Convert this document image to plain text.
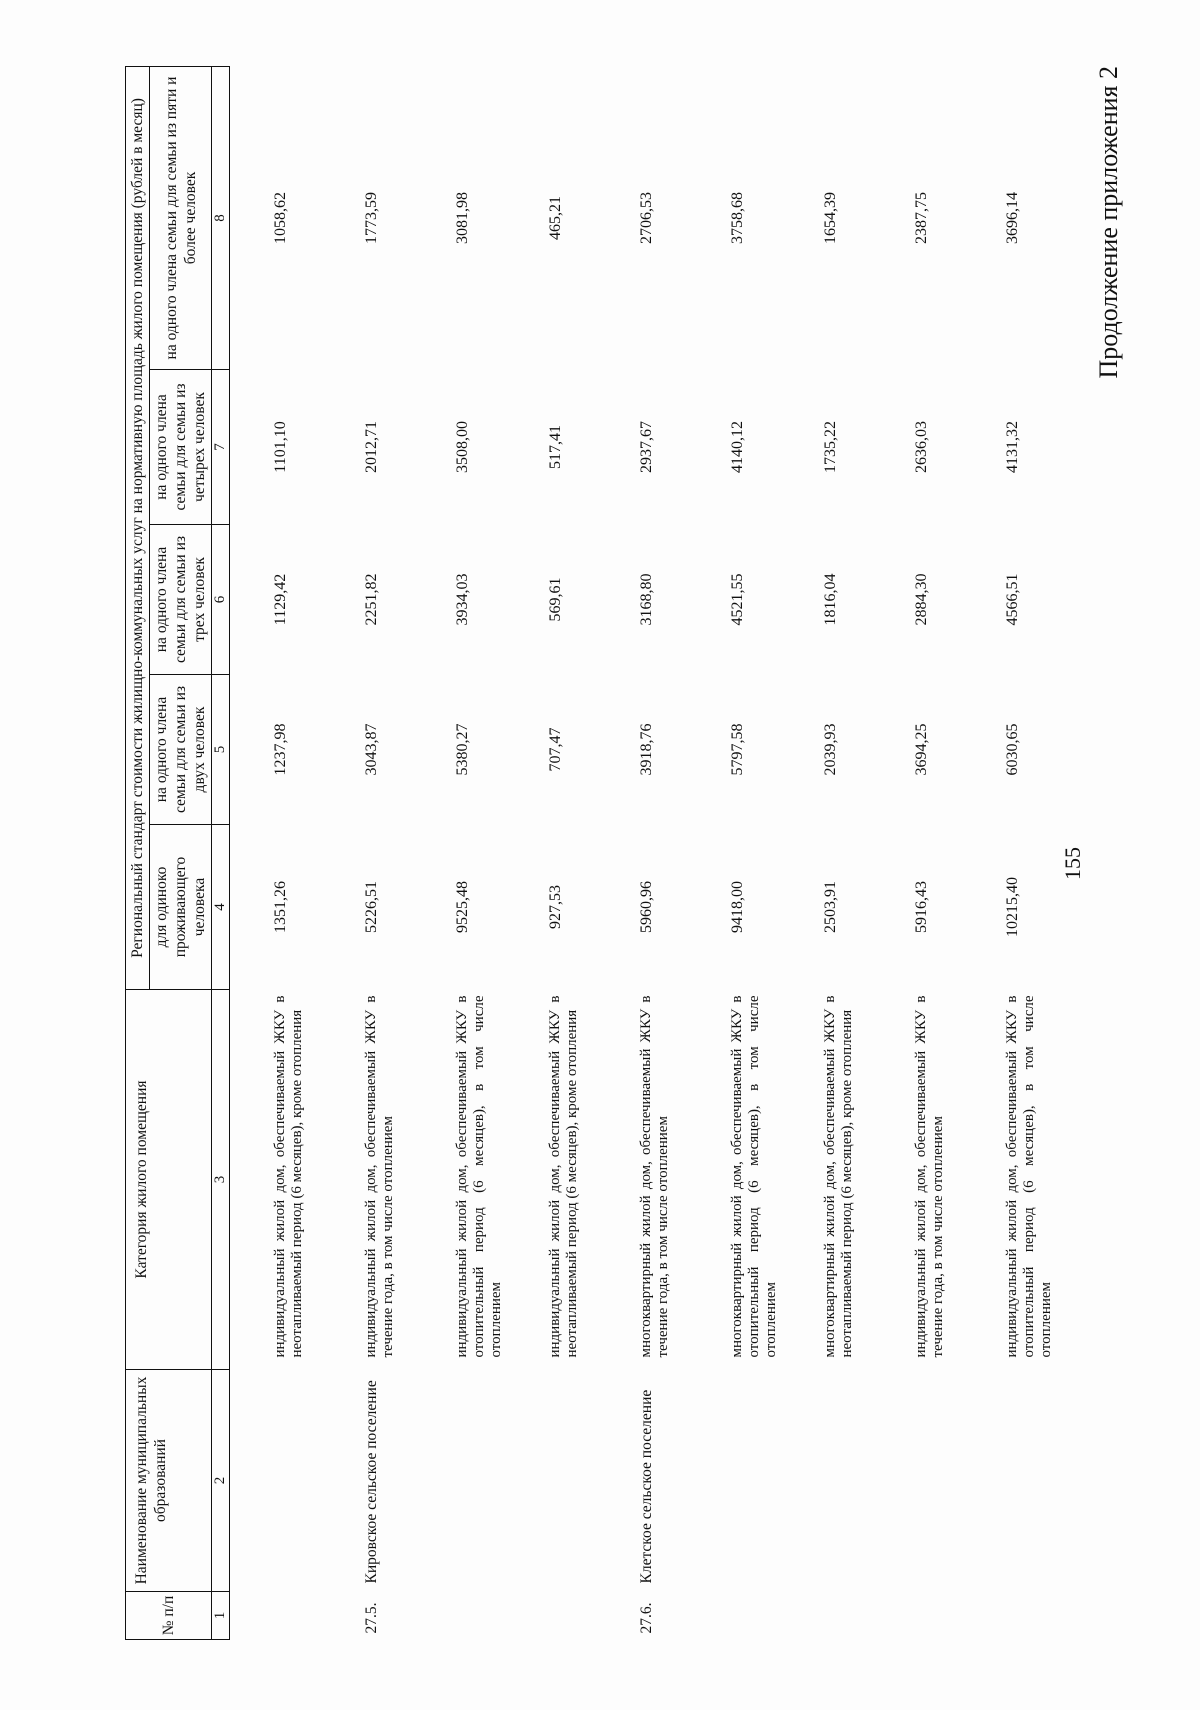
155
Продолжение приложения 2
№ п/п	Наименование муниципальных образований	Категория жилого помещения	Региональный стандарт стоимости жилищно-коммунальных услуг на нормативную площадь жилого помещения (рублей в месяц)				
			для одиноко проживающего человека	на одного члена семьи для семьи из двух человек	на одного члена семьи для семьи из трех человек	на одного члена семьи для семьи из четырех человек	на одного члена семьи для семьи из пяти и более человек
1	2	3	4	5	6	7	8
		индивидуальный жилой дом, обеспечиваемый ЖКУ в неотапливаемый период (6 месяцев), кроме отопления	1351,26	1237,98	1129,42	1101,10	1058,62
27.5.	Кировское сельское поселение	индивидуальный жилой дом, обеспечиваемый ЖКУ в течение года, в том числе отоплением	5226,51	3043,87	2251,82	2012,71	1773,59
		индивидуальный жилой дом, обеспечиваемый ЖКУ в отопительный период (6 месяцев), в том числе отоплением	9525,48	5380,27	3934,03	3508,00	3081,98
		индивидуальный жилой дом, обеспечиваемый ЖКУ в неотапливаемый период (6 месяцев), кроме отопления	927,53	707,47	569,61	517,41	465,21
27.6.	Клетское сельское поселение	многоквартирный жилой дом, обеспечиваемый ЖКУ в течение года, в том числе отоплением	5960,96	3918,76	3168,80	2937,67	2706,53
		многоквартирный жилой дом, обеспечиваемый ЖКУ в отопительный период (6 месяцев), в том числе отоплением	9418,00	5797,58	4521,55	4140,12	3758,68
		многоквартирный жилой дом, обеспечиваемый ЖКУ в неотапливаемый период (6 месяцев), кроме отопления	2503,91	2039,93	1816,04	1735,22	1654,39
		индивидуальный жилой дом, обеспечиваемый ЖКУ в течение года, в том числе отоплением	5916,43	3694,25	2884,30	2636,03	2387,75
		индивидуальный жилой дом, обеспечиваемый ЖКУ в отопительный период (6 месяцев), в том числе отоплением	10215,40	6030,65	4566,51	4131,32	3696,14
